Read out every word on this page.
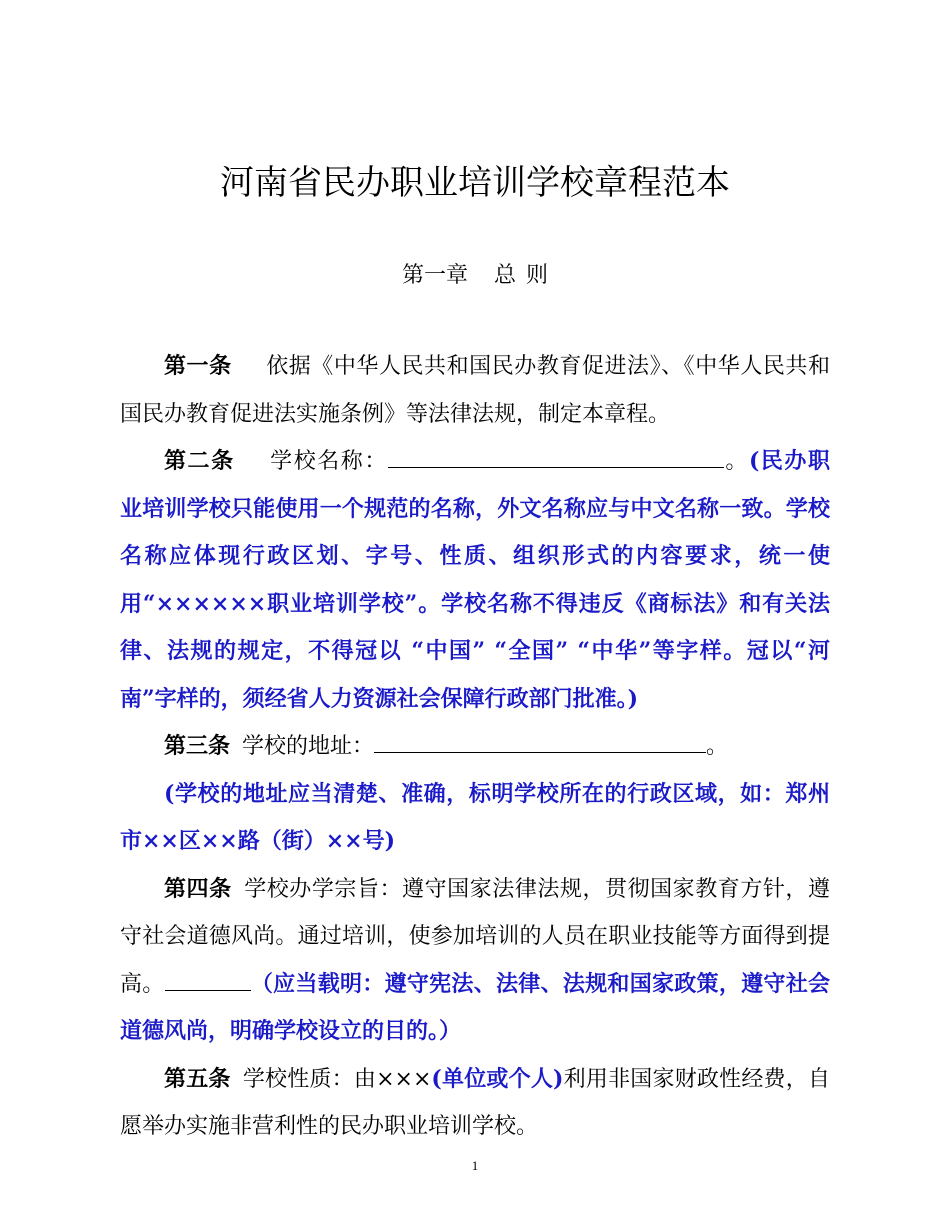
河南省民办职业培训学校章程范本
第一章 总 则

第一条 依据《中华人民共和国民办教育促进法》、《中华人民共和国民办教育促进法实施条例》等法律法规，制定本章程。

第二条 学校名称：	。(民办职业培训学校只能使用一个规范的名称，外文名称应与中文名称一致。学校名称应体现行政区划、字号、性质、组织形式的内容要求，统一使用“××××××职业培训学校”。学校名称不得违反《商标法》和有关法律、法规的规定，不得冠以 “中国” “全国” “中华”等字样。冠以“河南”字样的，须经省人力资源社会保障行政部门批准。)

第三条 学校的地址：	。

(学校的地址应当清楚、准确，标明学校所在的行政区域，如：郑州市××区××路（街）××号)

第四条 学校办学宗旨：遵守国家法律法规，贯彻国家教育方针，遵守社会道德风尚。通过培训，使参加培训的人员在职业技能等方面得到提高。	（应当载明：遵守宪法、法律、法规和国家政策，遵守社会道德风尚，明确学校设立的目的。）

第五条 学校性质：由×××(单位或个人)利用非国家财政性经费，自愿举办实施非营利性的民办职业培训学校。

1
